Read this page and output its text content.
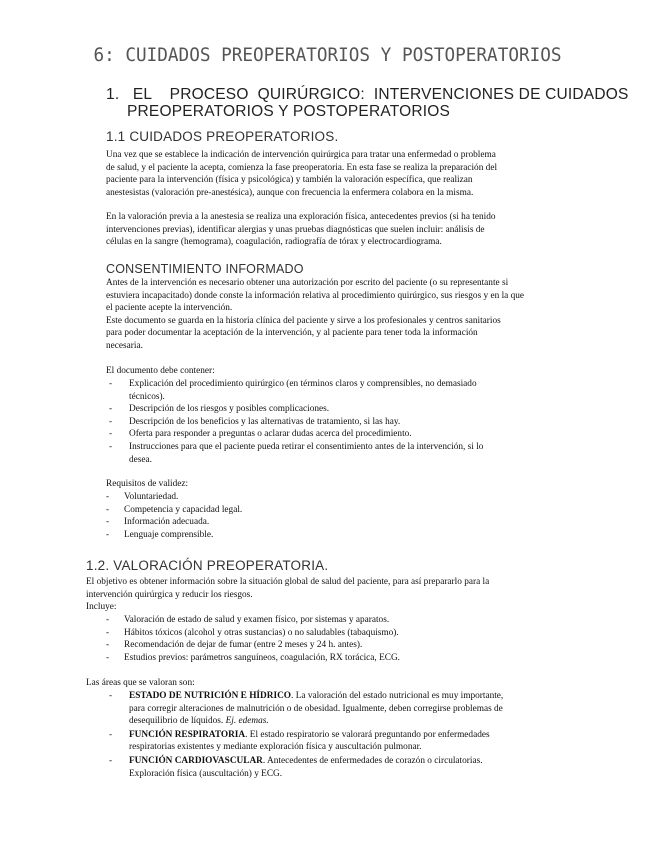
6: CUIDADOS PREOPERATORIOS Y POSTOPERATORIOS
1.   EL    PROCESO  QUIRÚRGICO:  INTERVENCIONES DE CUIDADOS
PREOPERATORIOS Y POSTOPERATORIOS
1.1 CUIDADOS PREOPERATORIOS.
Una vez que se establece la indicación de intervención quirúrgica para tratar una enfermedad o problema
de salud, y el paciente la acepta, comienza la fase preoperatoria. En esta fase se realiza la preparación del
paciente para la intervención (física y psicológica) y también la valoración específica, que realizan
anestesistas (valoración pre-anestésica), aunque con frecuencia la enfermera colabora en la misma.
En la valoración previa a la anestesia se realiza una exploración física, antecedentes previos (si ha tenido
intervenciones previas), identificar alergias y unas pruebas diagnósticas que suelen incluir: análisis de
células en la sangre (hemograma), coagulación, radiografía de tórax y electrocardiograma.
CONSENTIMIENTO INFORMADO
Antes de la intervención es necesario obtener una autorización por escrito del paciente (o su representante si
estuviera incapacitado) donde conste la información relativa al procedimiento quirúrgico, sus riesgos y en la que
el paciente acepte la intervención.
Este documento se guarda en la historia clínica del paciente y sirve a los profesionales y centros sanitarios
para poder documentar la aceptación de la intervención, y al paciente para tener toda la información
necesaria.
El documento debe contener:
-	Explicación del procedimiento quirúrgico (en términos claros y comprensibles, no demasiado
técnicos).
-	Descripción de los riesgos y posibles complicaciones.
-	Descripción de los beneficios y las alternativas de tratamiento, si las hay.
-	Oferta para responder a preguntas o aclarar dudas acerca del procedimiento.
-	Instrucciones para que el paciente pueda retirar el consentimiento antes de la intervención, si lo
desea.
Requisitos de validez:
-	Voluntariedad.
-	Competencia y capacidad legal.
-	Información adecuada.
-	Lenguaje comprensible.
1.2. VALORACIÓN PREOPERATORIA.
El objetivo es obtener información sobre la situación global de salud del paciente, para así prepararlo para la
intervención quirúrgica y reducir los riesgos.
Incluye:
-	Valoración de estado de salud y examen físico, por sistemas y aparatos.
-	Hábitos tóxicos (alcohol y otras sustancias) o no saludables (tabaquismo).
-	Recomendación de dejar de fumar (entre 2 meses y 24 h. antes).
-	Estudios previos: parámetros sanguíneos, coagulación, RX torácica, ECG.
Las áreas que se valoran son:
-	ESTADO DE NUTRICIÓN E HÍDRICO. La valoración del estado nutricional es muy importante,
para corregir alteraciones de malnutrición o de obesidad. Igualmente, deben corregirse problemas de
desequilibrio de líquidos. Ej. edemas.
-	FUNCIÓN RESPIRATORIA. El estado respiratorio se valorará preguntando por enfermedades
respiratorias existentes y mediante exploración física y auscultación pulmonar.
-	FUNCIÓN CARDIOVASCULAR. Antecedentes de enfermedades de corazón o circulatorias.
Exploración física (auscultación) y ECG.
